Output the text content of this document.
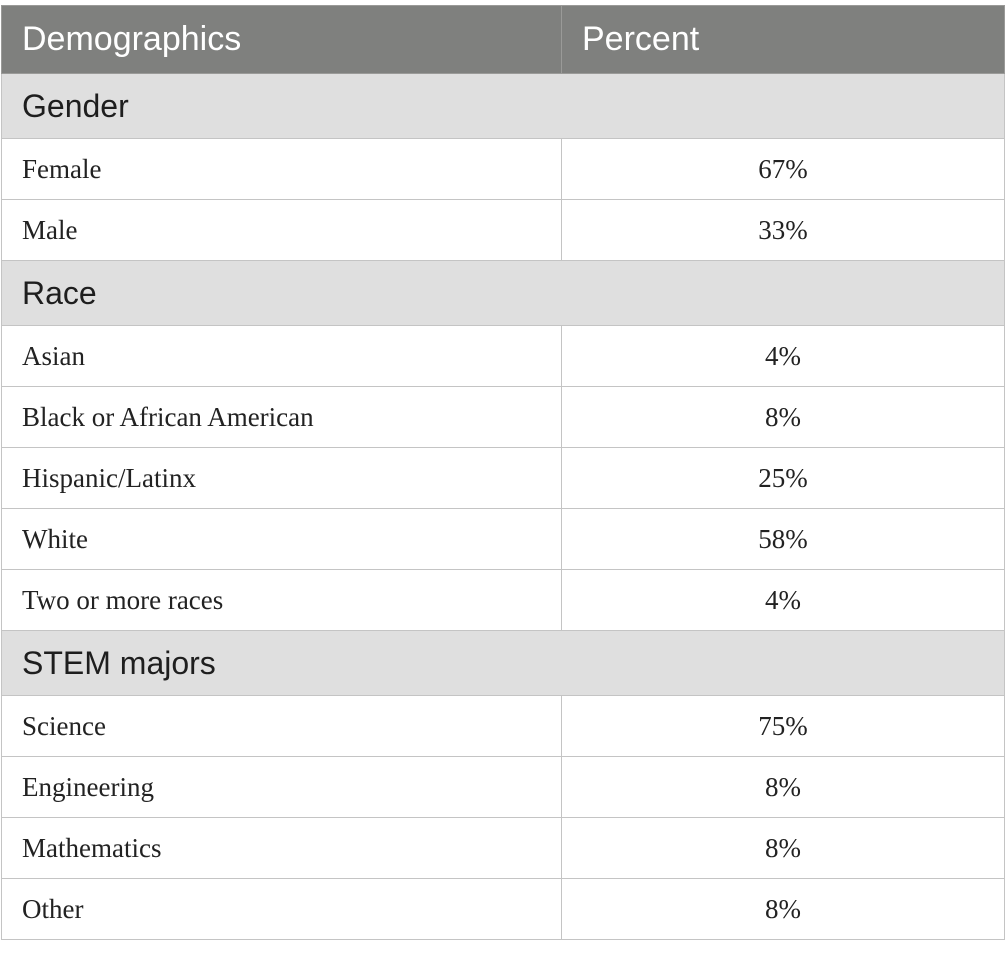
Demographics	Percent
Gender	
Female	67%
Male	33%
Race	
Asian	4%
Black or African American	8%
Hispanic/Latinx	25%
White	58%
Two or more races	4%
STEM majors	
Science	75%
Engineering	8%
Mathematics	8%
Other	8%
